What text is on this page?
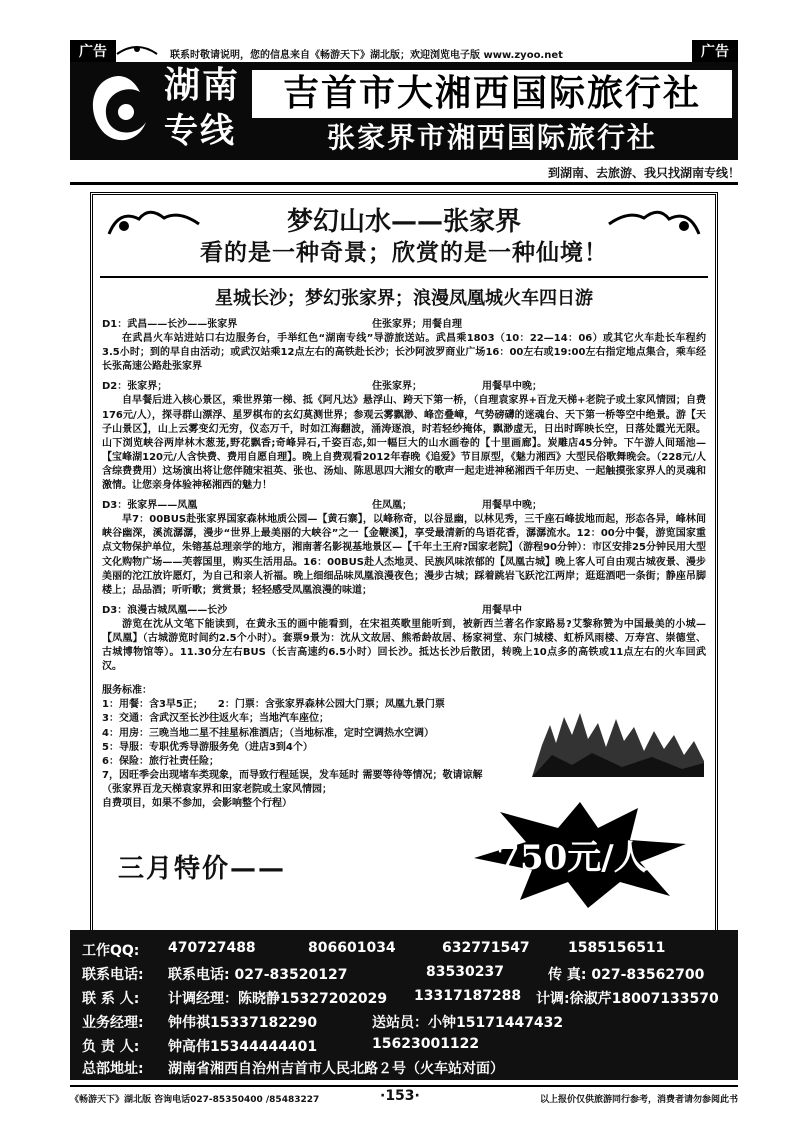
广告	联系时敬请说明，您的信息来自《畅游天下》湖北版；欢迎浏览电子版 www.zyoo.net	广告
湖南
专线
吉首市大湘西国际旅行社
张家界市湘西国际旅行社
到湖南、去旅游、我只找湖南专线！
梦幻山水——张家界
看的是一种奇景；欣赏的是一种仙境！
星城长沙；梦幻张家界；浪漫凤凰城火车四日游
D1：武昌——长沙——张家界	住张家界；用餐自理
在武昌火车站进站口右边服务台，手举红色“湖南专线”导游旅送站。武昌乘1803（10：22—14：06）或其它火车赴长车程约3.5小时；到的早自由活动；或武汉站乘12点左右的高铁赴长沙；长沙阿波罗商业广场16：00左右或19:00左右指定地点集合，乘车经长张高速公路赴张家界
D2：张家界；	住张家界；	用餐早中晚；
自早餐后进入核心景区，乘世界第一梯、抵《阿凡达》悬浮山、跨天下第一桥，（自理袁家界+百龙天梯+老院子或土家风情园；自费176元/人），探寻群山漂浮、星罗棋布的玄幻莫测世界；参观云雾飘渺、峰峦叠嶂，气势磅礴的迷魂台、天下第一桥等空中绝景。游【天子山景区】，山上云雾变幻无穷，仪态万千，时如江海翻波，涌涛逐浪，时若轻纱掩体，飘渺虚无，日出时晖映长空，日落处霞光无限。山下浏览峡谷两岸林木葱茏,野花飘香;奇峰异石,千姿百态,如一幅巨大的山水画卷的【十里画廊】。炭雕店45分钟。下午游人间瑶池—【宝峰湖120元/人含快费、费用自愿自理】。晚上自费观看2012年春晚《追爱》节目原型，《魅力湘西》大型民俗歌舞晚会。（228元/人含综费费用）这场演出将让您伴随宋祖英、张也、汤灿、陈思思四大湘女的歌声一起走进神秘湘西千年历史、一起触摸张家界人的灵魂和激情。让您亲身体验神秘湘西的魅力！
D3：张家界——凤凰	住凤凰；	用餐早中晚；
早7：00BUS赴张家界国家森林地质公园—【黄石寨】，以峰称奇，以谷显幽，以林见秀，三千座石峰拔地而起，形态各异，峰林间峡谷幽深，溪流潺潺，漫步“世界上最美丽的大峡谷”之一【金鞭溪】，享受最清新的鸟语花香，潺潺流水。12：00分中餐，游览国家重点文物保护单位，朱镕基总理亲学的地方，湘南著名影视基地景区—【千年土王府?国家老院】（游程90分钟）：市区安排25分钟民用大型文化购物广场——芙蓉国里，购买生活用品。16：00BUS赴人杰地灵、民族风味浓郁的【凤凰古城】晚上客人可自由观古城夜景、漫步美丽的沱江放许愿灯，为自己和亲人祈福。晚上细细品味凤凰浪漫夜色；漫步古城；踩着跳岩飞跃沱江两岸；逛逛酒吧一条街；静座吊脚楼上；品品酒；听听歌；赏赏景；轻轻感受凤凰浪漫的味道；
D3：浪漫古城凤凰——长沙	用餐早中
游览在沈从文笔下能读到，在黄永玉的画中能看到，在宋祖英歌里能听到，被新西兰著名作家路易?艾黎称赞为中国最美的小城—【凤凰】（古城游览时间约2.5个小时）。套票9景为：沈从文故居、熊希龄故居、杨家祠堂、东门城楼、虹桥风雨楼、万寿宫、崇德堂、古城博物馆等）。11.30分左右BUS（长吉高速约6.5小时）回长沙。抵达长沙后散团，转晚上10点多的高铁或11点左右的火车回武汉。
服务标准：
1：用餐：含3早5正；　　2：门票：含张家界森林公园大门票；凤凰九景门票
3：交通：含武汉至长沙往返火车；当地汽车座位；
4：用房：三晚当地二星不挂星标准酒店；（当地标准，定时空调热水空调）
5：导服：专职优秀导游服务免（进店3到4个）
6：保险：旅行社责任险；
7，因旺季会出现堵车类现象，而导致行程延误，发车延时 需要等待等情况；敬请谅解
（张家界百龙天梯袁家界和田家老院或土家风情园；
自费项目，如果不参加，会影响整个行程）
三月特价——	750元/人
工作QQ: 470727488	806601034	632771547	1585156511
联系电话: 联系电话: 027-83520127	83530237	传 真: 027-83562700
联 系 人: 计调经理：陈晓静15327202029 13317187288 计调:徐淑芹18007133570
业务经理: 钟伟祺15337182290	送站员：小钟15171447432
负 责 人: 钟高伟15344444401	15623001122
总部地址: 湖南省湘西自治州吉首市人民北路２号（火车站对面）
《畅游天下》湖北版 咨询电话027-85350400 /85483227	·153·	以上报价仅供旅游同行参考，消费者请勿参阅此书
